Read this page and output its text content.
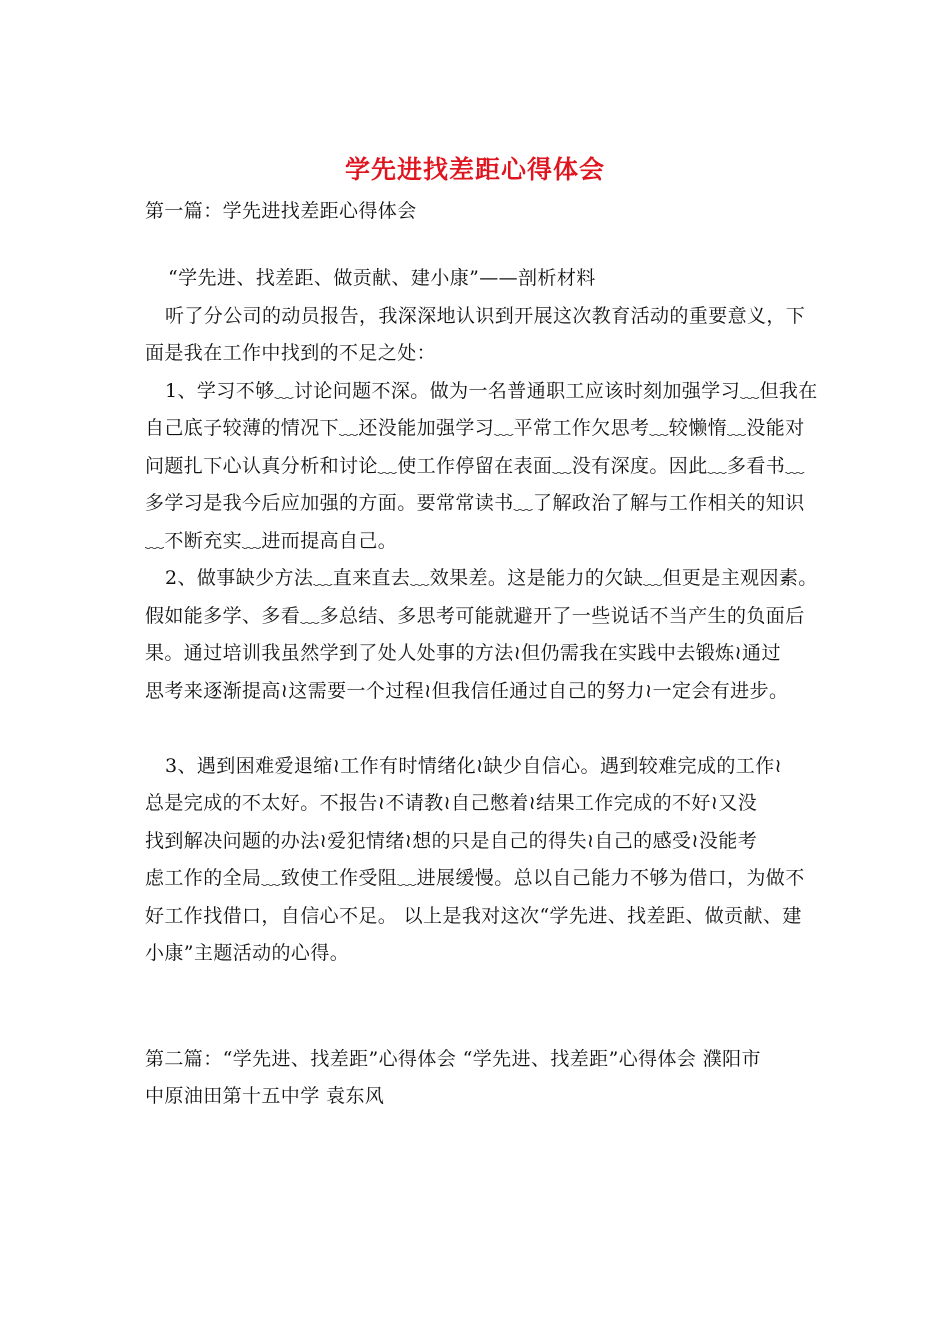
学先进找差距心得体会
第一篇：学先进找差距心得体会
“学先进、找差距、做贡献、建小康”——剖析材料
听了分公司的动员报告，我深深地认识到开展这次教育活动的重要意义，下
面是我在工作中找到的不足之处：
1、学习不够﹏讨论问题不深。做为一名普通职工应该时刻加强学习﹏但我在
自己底子较薄的情况下﹏还没能加强学习﹏平常工作欠思考﹏较懒惰﹏没能对
问题扎下心认真分析和讨论﹏使工作停留在表面﹏没有深度。因此﹏多看书﹏
多学习是我今后应加强的方面。要常常读书﹏了解政治了解与工作相关的知识
﹏不断充实﹏进而提高自己。
2、做事缺少方法﹏直来直去﹏效果差。这是能力的欠缺﹏但更是主观因素。
假如能多学、多看﹏多总结、多思考可能就避开了一些说话不当产生的负面后
果。通过培训我虽然学到了处人处事的方法≀但仍需我在实践中去锻炼≀通过
思考来逐渐提高≀这需要一个过程≀但我信任通过自己的努力≀一定会有进步。
3、遇到困难爱退缩≀工作有时情绪化≀缺少自信心。遇到较难完成的工作≀
总是完成的不太好。不报告≀不请教≀自己憋着≀结果工作完成的不好≀又没
找到解决问题的办法≀爱犯情绪≀想的只是自己的得失≀自己的感受≀没能考
虑工作的全局﹏致使工作受阻﹏进展缓慢。总以自己能力不够为借口，为做不
好工作找借口，自信心不足。 以上是我对这次“学先进、找差距、做贡献、建
小康”主题活动的心得。
第二篇：“学先进、找差距”心得体会 “学先进、找差距”心得体会 濮阳市
中原油田第十五中学 袁东风
